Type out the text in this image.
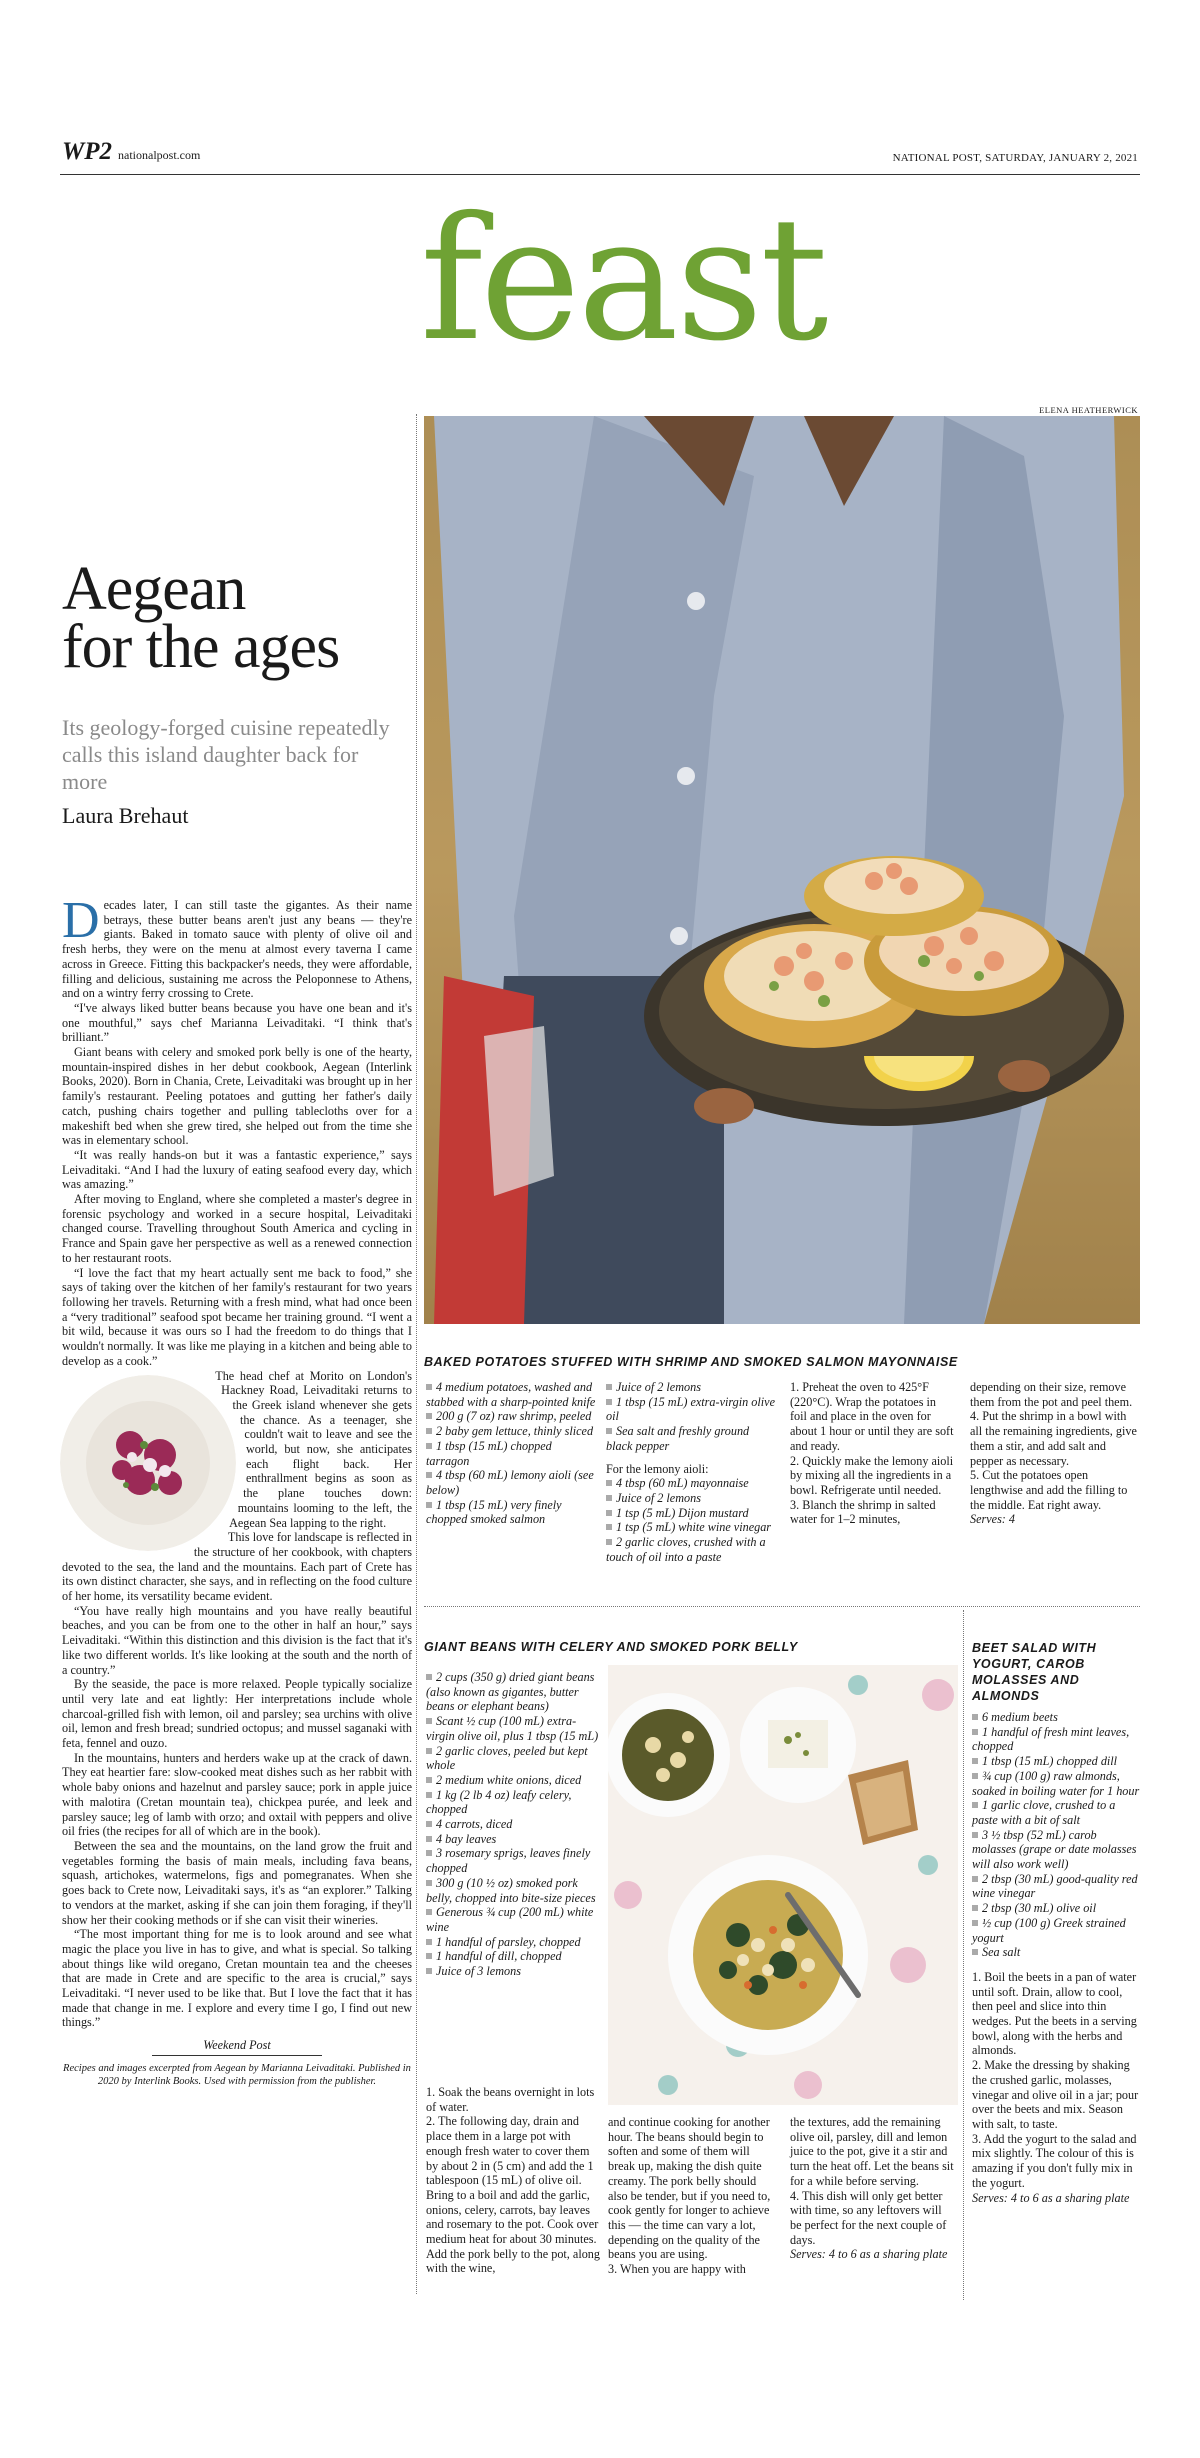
WP2 nationalpost.com	NATIONAL POST, SATURDAY, JANUARY 2, 2021
feast
ELENA HEATHERWICK
Aegean
for the ages
Its geology-forged cuisine repeatedly calls this island daughter back for more
Laura Brehaut

Decades later, I can still taste the gigantes. As their name betrays, these butter beans aren't just any beans — they're giants. Baked in tomato sauce with plenty of olive oil and fresh herbs, they were on the menu at almost every taverna I came across in Greece. Fitting this backpacker's needs, they were affordable, filling and delicious, sustaining me across the Peloponnese to Athens, and on a wintry ferry crossing to Crete.

“I've always liked butter beans because you have one bean and it's one mouthful,” says chef Marianna Leivaditaki. “I think that's brilliant.”

Giant beans with celery and smoked pork belly is one of the hearty, mountain-inspired dishes in her debut cookbook, Aegean (Interlink Books, 2020). Born in Chania, Crete, Leivaditaki was brought up in her family's restaurant. Peeling potatoes and gutting her father's daily catch, pushing chairs together and pulling tablecloths over for a makeshift bed when she grew tired, she helped out from the time she was in elementary school.

“It was really hands-on but it was a fantastic experience,” says Leivaditaki. “And I had the luxury of eating seafood every day, which was amazing.”

After moving to England, where she completed a master's degree in forensic psychology and worked in a secure hospital, Leivaditaki changed course. Travelling throughout South America and cycling in France and Spain gave her perspective as well as a renewed connection to her restaurant roots.

“I love the fact that my heart actually sent me back to food,” she says of taking over the kitchen of her family's restaurant for two years following her travels. Returning with a fresh mind, what had once been a “very traditional” seafood spot became her training ground. “I went a bit wild, because it was ours so I had the freedom to do things that I wouldn't normally. It was like me playing in a kitchen and being able to develop as a cook.”

The head chef at Morito on London's Hackney Road, Leivaditaki returns to the Greek island whenever she gets the chance. As a teenager, she couldn't wait to leave and see the world, but now, she anticipates each flight back. Her enthrallment begins as soon as the plane touches down: mountains looming to the left, the Aegean Sea lapping to the right.

This love for landscape is reflected in the structure of her cookbook, with chapters devoted to the sea, the land and the mountains. Each part of Crete has its own distinct character, she says, and in reflecting on the food culture of her home, its versatility became evident.

“You have really high mountains and you have really beautiful beaches, and you can be from one to the other in half an hour,” says Leivaditaki. “Within this distinction and this division is the fact that it's like two different worlds. It's like looking at the south and the north of a country.”

By the seaside, the pace is more relaxed. People typically socialize until very late and eat lightly: Her interpretations include whole charcoal-grilled fish with lemon, oil and parsley; sea urchins with olive oil, lemon and fresh bread; sundried octopus; and mussel saganaki with feta, fennel and ouzo.

In the mountains, hunters and herders wake up at the crack of dawn. They eat heartier fare: slow-cooked meat dishes such as her rabbit with whole baby onions and hazelnut and parsley sauce; pork in apple juice with malotira (Cretan mountain tea), chickpea purée, and leek and parsley sauce; leg of lamb with orzo; and oxtail with peppers and olive oil fries (the recipes for all of which are in the book).

Between the sea and the mountains, on the land grow the fruit and vegetables forming the basis of main meals, including fava beans, squash, artichokes, watermelons, figs and pomegranates. When she goes back to Crete now, Leivaditaki says, it's as “an explorer.” Talking to vendors at the market, asking if she can join them foraging, if they'll show her their cooking methods or if she can visit their wineries.

“The most important thing for me is to look around and see what magic the place you live in has to give, and what is special. So talking about things like wild oregano, Cretan mountain tea and the cheeses that are made in Crete and are specific to the area is crucial,” says Leivaditaki. “I never used to be like that. But I love the fact that it has made that change in me. I explore and every time I go, I find out new things.”

Weekend Post
Recipes and images excerpted from Aegean by Marianna Leivaditaki. Published in 2020 by Interlink Books. Used with permission from the publisher.
BAKED POTATOES STUFFED WITH SHRIMP AND SMOKED SALMON MAYONNAISE

4 medium potatoes, washed and stabbed with a sharp-pointed knife

200 g (7 oz) raw shrimp, peeled

2 baby gem lettuce, thinly sliced

1 tbsp (15 mL) chopped tarragon

4 tbsp (60 mL) lemony aioli (see below)

1 tbsp (15 mL) very finely chopped smoked salmon

Juice of 2 lemons

1 tbsp (15 mL) extra-virgin olive oil

Sea salt and freshly ground black pepper

For the lemony aioli:

4 tbsp (60 mL) mayonnaise

Juice of 2 lemons

1 tsp (5 mL) Dijon mustard

1 tsp (5 mL) white wine vinegar

2 garlic cloves, crushed with a touch of oil into a paste

1. Preheat the oven to 425°F (220°C). Wrap the potatoes in foil and place in the oven for about 1 hour or until they are soft and ready.
2. Quickly make the lemony aioli by mixing all the ingredients in a bowl. Refrigerate until needed.
3. Blanch the shrimp in salted water for 1–2 minutes,

depending on their size, remove them from the pot and peel them.
4. Put the shrimp in a bowl with all the remaining ingredients, give them a stir, and add salt and pepper as necessary.
5. Cut the potatoes open lengthwise and add the filling to the middle. Eat right away.

Serves: 4

GIANT BEANS WITH CELERY AND SMOKED PORK BELLY

2 cups (350 g) dried giant beans (also known as gigantes, butter beans or elephant beans)

Scant ½ cup (100 mL) extra-virgin olive oil, plus 1 tbsp (15 mL)

2 garlic cloves, peeled but kept whole

2 medium white onions, diced

1 kg (2 lb 4 oz) leafy celery, chopped

4 carrots, diced

4 bay leaves

3 rosemary sprigs, leaves finely chopped

300 g (10 ½ oz) smoked pork belly, chopped into bite-size pieces

Generous ¾ cup (200 mL) white wine

1 handful of parsley, chopped

1 handful of dill, chopped

Juice of 3 lemons

1. Soak the beans overnight in lots of water.
2. The following day, drain and place them in a large pot with enough fresh water to cover them by about 2 in (5 cm) and add the 1 tablespoon (15 mL) of olive oil. Bring to a boil and add the garlic, onions, celery, carrots, bay leaves and rosemary to the pot. Cook over medium heat for about 30 minutes. Add the pork belly to the pot, along with the wine,
and continue cooking for another hour. The beans should begin to soften and some of them will break up, making the dish quite creamy. The pork belly should also be tender, but if you need to, cook gently for longer to achieve this — the time can vary a lot, depending on the quality of the beans you are using.
3. When you are happy with

the textures, add the remaining olive oil, parsley, dill and lemon juice to the pot, give it a stir and turn the heat off. Let the beans sit for a while before serving.
4. This dish will only get better with time, so any leftovers will be perfect for the next couple of days.

Serves: 4 to 6 as a sharing plate

BEET SALAD WITH YOGURT, CAROB MOLASSES AND ALMONDS

6 medium beets

1 handful of fresh mint leaves, chopped

1 tbsp (15 mL) chopped dill

¾ cup (100 g) raw almonds, soaked in boiling water for 1 hour

1 garlic clove, crushed to a paste with a bit of salt

3 ½ tbsp (52 mL) carob molasses (grape or date molasses will also work well)

2 tbsp (30 mL) good-quality red wine vinegar

2 tbsp (30 mL) olive oil

½ cup (100 g) Greek strained yogurt

Sea salt

1. Boil the beets in a pan of water until soft. Drain, allow to cool, then peel and slice into thin wedges. Put the beets in a serving bowl, along with the herbs and almonds.
2. Make the dressing by shaking the crushed garlic, molasses, vinegar and olive oil in a jar; pour over the beets and mix. Season with salt, to taste.
3. Add the yogurt to the salad and mix slightly. The colour of this is amazing if you don't fully mix in the yogurt.

Serves: 4 to 6 as a sharing plate
